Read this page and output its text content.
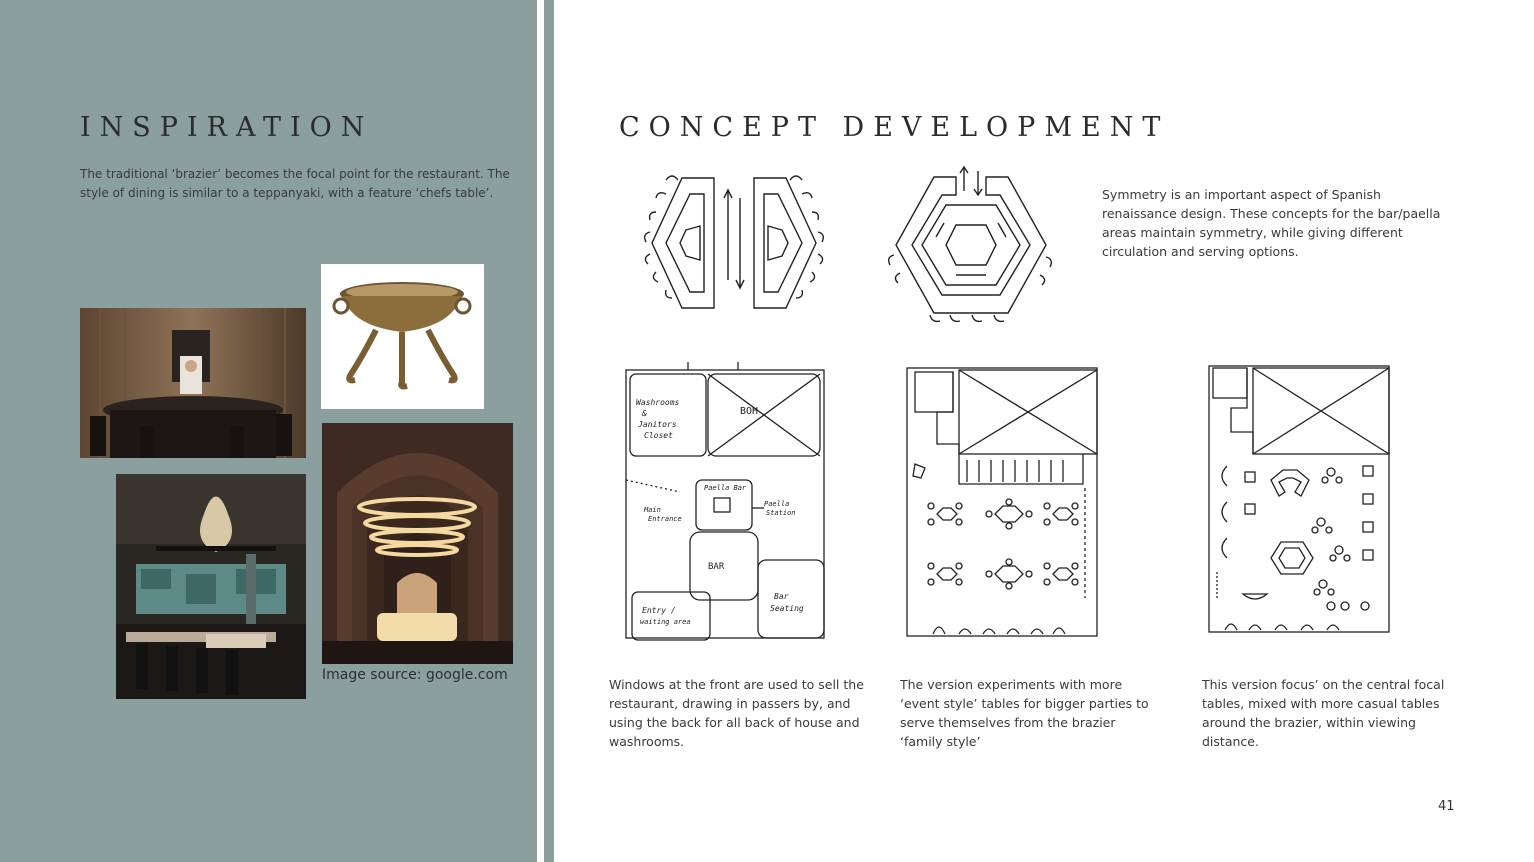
INSPIRATION

The traditional ‘brazier’ becomes the focal point for the restaurant. The style of dining is similar to a teppanyaki, with a feature ‘chefs table’.

Image source: google.com

CONCEPT DEVELOPMENT

Symmetry is an important aspect of Spanish renaissance design. These concepts for the bar/paella areas maintain symmetry, while giving different circulation and serving options.

Washrooms
&
Janitors
Closet
BOH
Main
Entrance
Paella Bar
Paella
Station
BAR
Bar
Seating
Entry /
waiting area

Windows at the front are used to sell the restaurant, drawing in passers by, and using the back for all back of house and washrooms.

The version experiments with more ‘event style’ tables for bigger parties to serve themselves from the brazier ‘family style’

This version focus’ on the central focal tables, mixed with more casual tables around the brazier, within viewing distance.

41
